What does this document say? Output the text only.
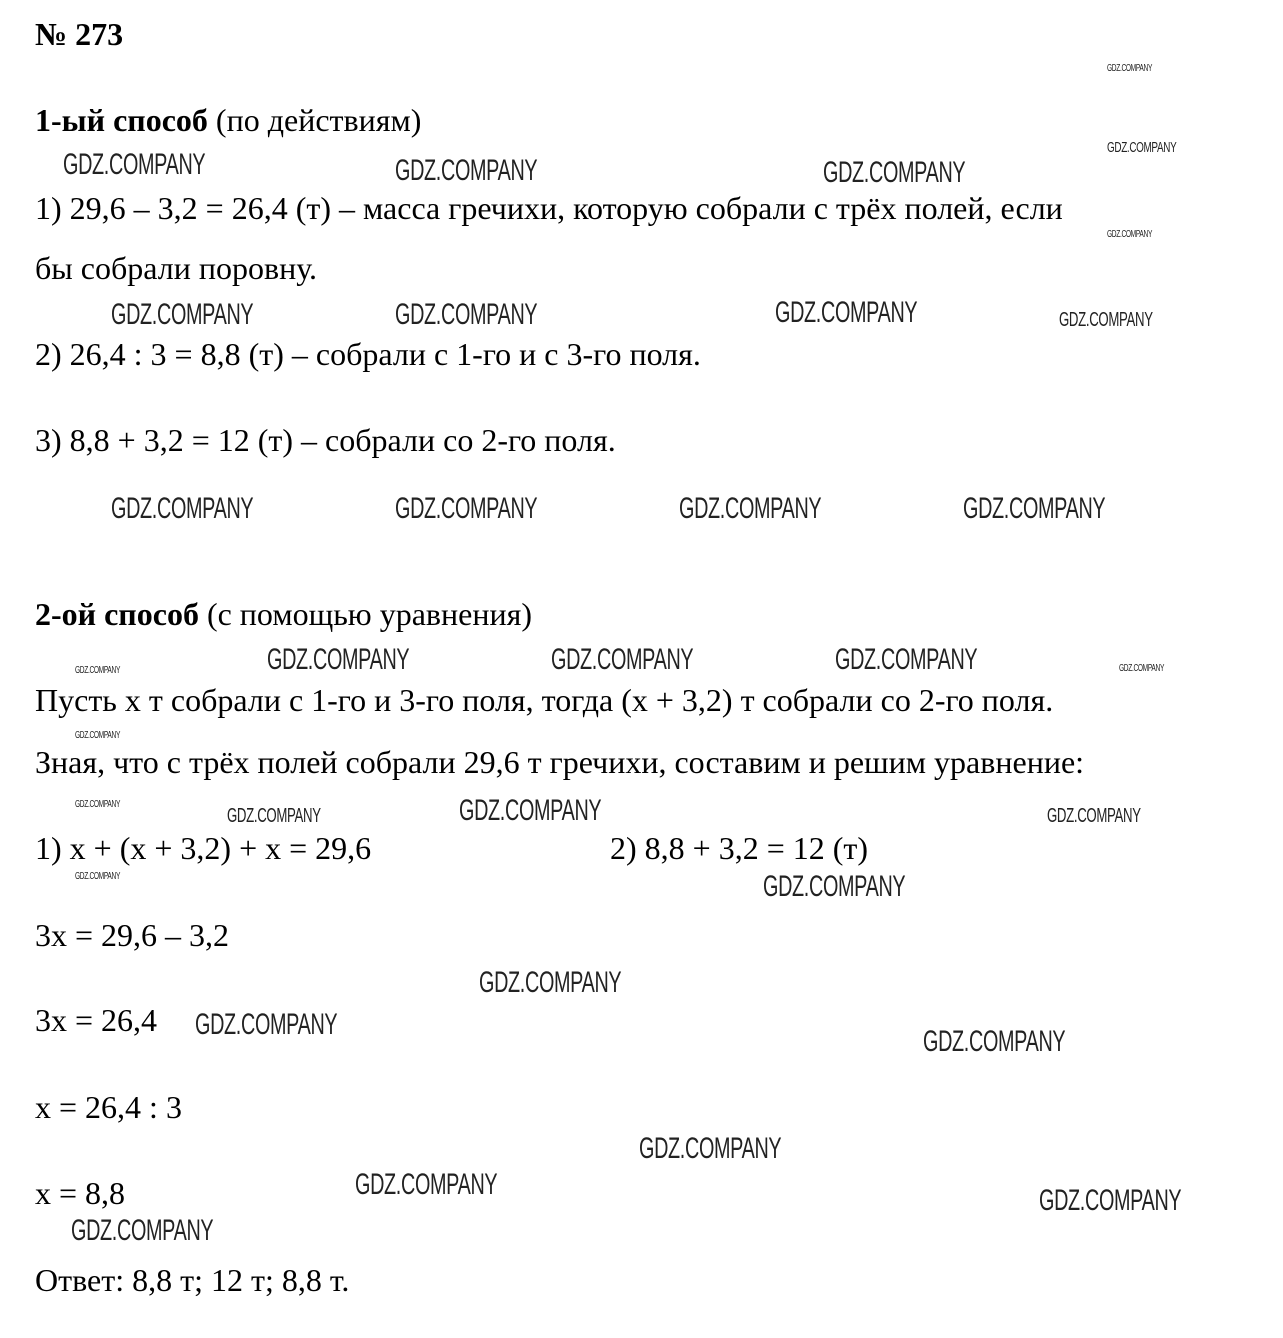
№ 273
1-ый способ (по действиям)
1) 29,6 – 3,2 = 26,4 (т) – масса гречихи, которую собрали с трёх полей, если
бы собрали поровну.
2) 26,4 : 3 = 8,8 (т) – собрали с 1-го и с 3-го поля.
3) 8,8 + 3,2 = 12 (т) – собрали со 2-го поля.
2-ой способ (с помощью уравнения)
Пусть х т собрали с 1-го и 3-го поля, тогда (х + 3,2) т собрали со 2-го поля.
Зная, что с трёх полей собрали 29,6 т гречихи, составим и решим уравнение:
1) х + (х + 3,2) + х = 29,6	2) 8,8 + 3,2 = 12 (т)
3х = 29,6 – 3,2
3х = 26,4
х = 26,4 : 3
х = 8,8
Ответ: 8,8 т; 12 т; 8,8 т.
GDZ.COMPANY	GDZ.COMPANY	GDZ.COMPANY
GDZ.COMPANY	GDZ.COMPANY	GDZ.COMPANY
GDZ.COMPANY	GDZ.COMPANY	GDZ.COMPANY	GDZ.COMPANY
GDZ.COMPANY	GDZ.COMPANY	GDZ.COMPANY
GDZ.COMPANY
GDZ.COMPANY
GDZ.COMPANY
GDZ.COMPANY
GDZ.COMPANY
GDZ.COMPANY
GDZ.COMPANY	GDZ.COMPANY
GDZ.COMPANY
GDZ.COMPANY
GDZ.COMPANY
GDZ.COMPANY	GDZ.COMPANY
GDZ.COMPANY
GDZ.COMPANY
GDZ.COMPANY	GDZ.COMPANY
GDZ.COMPANY
GDZ.COMPANY
GDZ.COMPANY
